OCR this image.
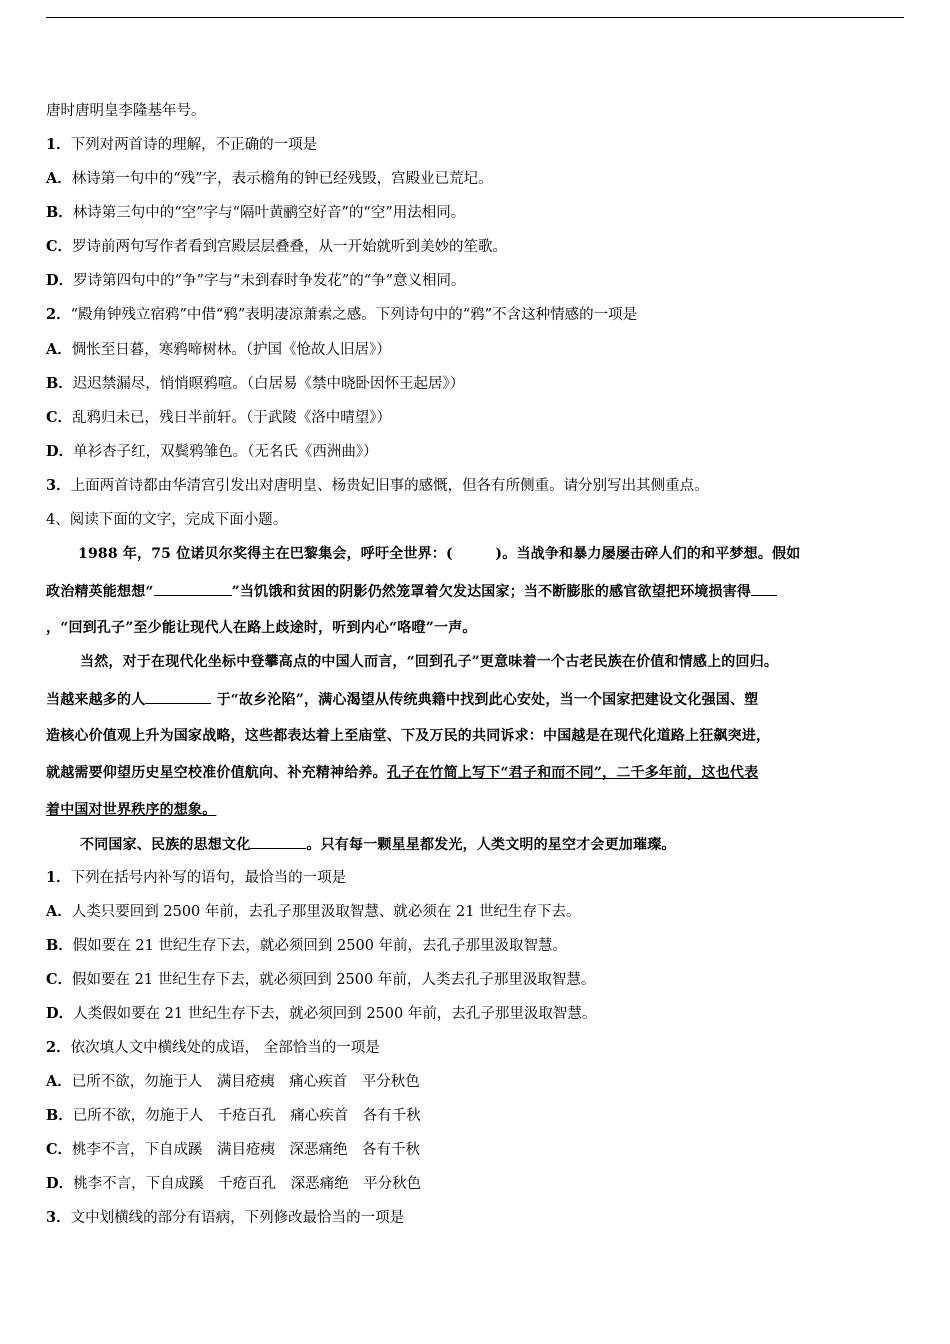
唐时唐明皇李隆基年号。
1．下列对两首诗的理解，不正确的一项是
A．林诗第一句中的“残”字，表示檐角的钟已经残毁，宫殿业已荒圮。
B．林诗第三句中的“空”字与“隔叶黄鹂空好音”的“空”用法相同。
C．罗诗前两句写作者看到宫殿层层叠叠，从一开始就听到美妙的笙歌。
D．罗诗第四句中的“争”字与“未到春时争发花”的“争”意义相同。
2．“殿角钟残立宿鸦”中借“鸦”表明凄凉萧索之感。下列诗句中的“鸦”不含这种情感的一项是
A．惆怅至日暮，寒鸦啼树林。（护国《怆故人旧居》）
B．迟迟禁漏尽，悄悄暝鸦喧。（白居易《禁中晓卧因怀王起居》）
C．乱鸦归未已，残日半前轩。（于武陵《洛中晴望》）
D．单衫杏子红，双鬓鸦雏色。（无名氏《西洲曲》）
3．上面两首诗都由华清宫引发出对唐明皇、杨贵妃旧事的感慨，但各有所侧重。请分别写出其侧重点。
4、阅读下面的文字，完成下面小题。
1988 年，75 位诺贝尔奖得主在巴黎集会，呼吁全世界：(　　　)。当战争和暴力屡屡击碎人们的和平梦想。假如
政治精英能想想“	”当饥饿和贫困的阴影仍然笼罩着欠发达国家；当不断膨胀的感官欲望把环境损害得
，“回到孔子”至少能让现代人在路上歧途时，听到内心“咯噔”一声。
当然，对于在现代化坐标中登攀高点的中国人而言，“回到孔子”更意味着一个古老民族在价值和情感上的回归。
当越来越多的人	于“故乡沦陷”，满心渴望从传统典籍中找到此心安处，当一个国家把建设文化强国、塑
造核心价值观上升为国家战略，这些都表达着上至庙堂、下及万民的共同诉求：中国越是在现代化道路上狂飙突进，
就越需要仰望历史星空校准价值航向、补充精神给养。孔子在竹简上写下“君子和而不同”，二千多年前，这也代表
着中国对世界秩序的想象。
不同国家、民族的思想文化	。只有每一颗星星都发光，人类文明的星空才会更加璀璨。
1．下列在括号内补写的语句，最恰当的一项是
A．人类只要回到 2500 年前，去孔子那里汲取智慧、就必须在 21 世纪生存下去。
B．假如要在 21 世纪生存下去，就必须回到 2500 年前，去孔子那里汲取智慧。
C．假如要在 21 世纪生存下去，就必须回到 2500 年前，人类去孔子那里汲取智慧。
D．人类假如要在 21 世纪生存下去，就必须回到 2500 年前，去孔子那里汲取智慧。
2．依次填人文中横线处的成语， 全部恰当的一项是
A．已所不欲，勿施于人　满目疮痍　痛心疾首　平分秋色
B．已所不欲，勿施于人　千疮百孔　痛心疾首　各有千秋
C．桃李不言，下自成蹊　满目疮痍　深恶痛绝　各有千秋
D．桃李不言，下自成蹊　千疮百孔　深恶痛绝　平分秋色
3．文中划横线的部分有语病，下列修改最恰当的一项是
